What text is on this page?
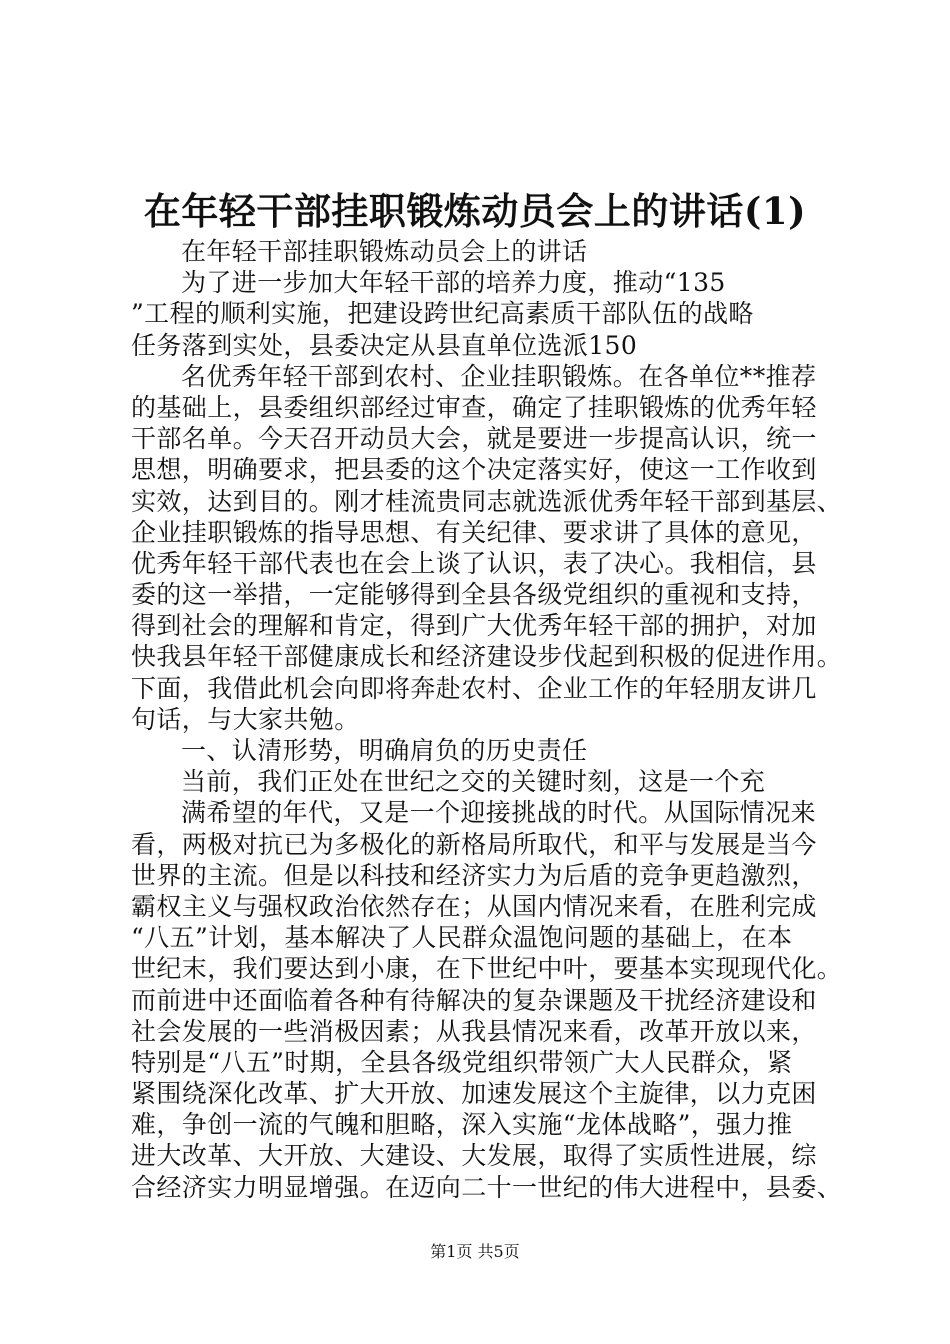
在年轻干部挂职锻炼动员会上的讲话(1)
在年轻干部挂职锻炼动员会上的讲话
为了进一步加大年轻干部的培养力度，推动“135
”工程的顺利实施，把建设跨世纪高素质干部队伍的战略
任务落到实处，县委决定从县直单位选派150
名优秀年轻干部到农村、企业挂职锻炼。在各单位**推荐
的基础上，县委组织部经过审查，确定了挂职锻炼的优秀年轻
干部名单。今天召开动员大会，就是要进一步提高认识，统一
思想，明确要求，把县委的这个决定落实好，使这一工作收到
实效，达到目的。刚才桂流贵同志就选派优秀年轻干部到基层、
企业挂职锻炼的指导思想、有关纪律、要求讲了具体的意见，
优秀年轻干部代表也在会上谈了认识，表了决心。我相信，县
委的这一举措，一定能够得到全县各级党组织的重视和支持，
得到社会的理解和肯定，得到广大优秀年轻干部的拥护，对加
快我县年轻干部健康成长和经济建设步伐起到积极的促进作用。
下面，我借此机会向即将奔赴农村、企业工作的年轻朋友讲几
句话，与大家共勉。
一、认清形势，明确肩负的历史责任
当前，我们正处在世纪之交的关键时刻，这是一个充
满希望的年代，又是一个迎接挑战的时代。从国际情况来
看，两极对抗已为多极化的新格局所取代，和平与发展是当今
世界的主流。但是以科技和经济实力为后盾的竞争更趋激烈，
霸权主义与强权政治依然存在；从国内情况来看，在胜利完成
“八五”计划，基本解决了人民群众温饱问题的基础上，在本
世纪末，我们要达到小康，在下世纪中叶，要基本实现现代化。
而前进中还面临着各种有待解决的复杂课题及干扰经济建设和
社会发展的一些消极因素；从我县情况来看，改革开放以来，
特别是“八五”时期，全县各级党组织带领广大人民群众，紧
紧围绕深化改革、扩大开放、加速发展这个主旋律，以力克困
难，争创一流的气魄和胆略，深入实施“龙体战略”，强力推
进大改革、大开放、大建设、大发展，取得了实质性进展，综
合经济实力明显增强。在迈向二十一世纪的伟大进程中，县委、
第1页 共5页
